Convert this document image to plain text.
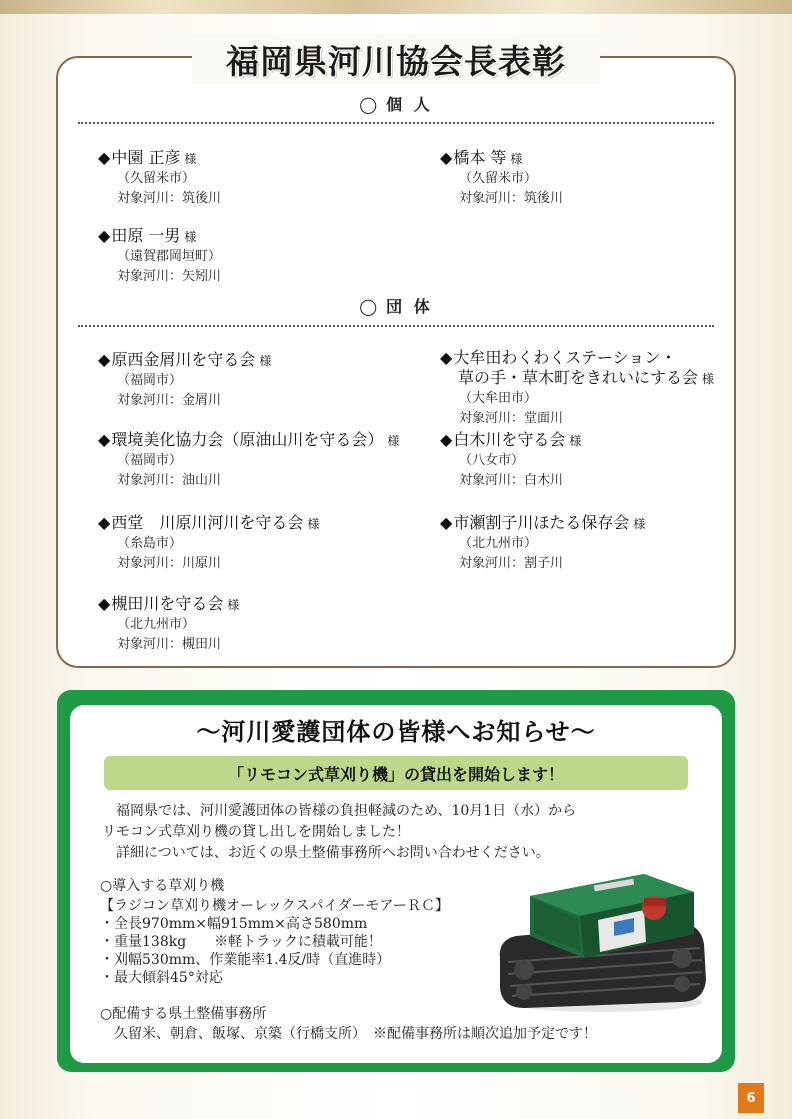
福岡県河川協会長表彰
◯ 個 人
◆中園 正彦 様
（久留米市）
対象河川：筑後川
◆橋本 等 様
（久留米市）
対象河川：筑後川
◆田原 一男 様
（遠賀郡岡垣町）
対象河川：矢矧川
◯ 団 体
◆原西金屑川を守る会 様
（福岡市）
対象河川：金屑川
◆大牟田わくわくステーション・
草の手・草木町をきれいにする会 様
（大牟田市）
対象河川：堂面川
◆環境美化協力会（原油山川を守る会） 様
（福岡市）
対象河川：油山川
◆白木川を守る会 様
（八女市）
対象河川：白木川
◆西堂　川原川河川を守る会 様
（糸島市）
対象河川：川原川
◆市瀬割子川ほたる保存会 様
（北九州市）
対象河川：割子川
◆槻田川を守る会 様
（北九州市）
対象河川：槻田川
～河川愛護団体の皆様へお知らせ～
「リモコン式草刈り機」の貸出を開始します！
　福岡県では、河川愛護団体の皆様の負担軽減のため、10月1日（水）から
リモコン式草刈り機の貸し出しを開始しました！
　詳細については、お近くの県土整備事務所へお問い合わせください。
○導入する草刈り機
【ラジコン草刈り機オーレックスパイダーモアーＲＣ】
・全長970mm×幅915mm×高さ580mm
・重量138kg　　※軽トラックに積載可能！
・刈幅530mm、作業能率1.4反/時（直進時）
・最大傾斜45°対応
○配備する県土整備事務所
　久留米、朝倉、飯塚、京築（行橋支所）　※配備事務所は順次追加予定です！
6
